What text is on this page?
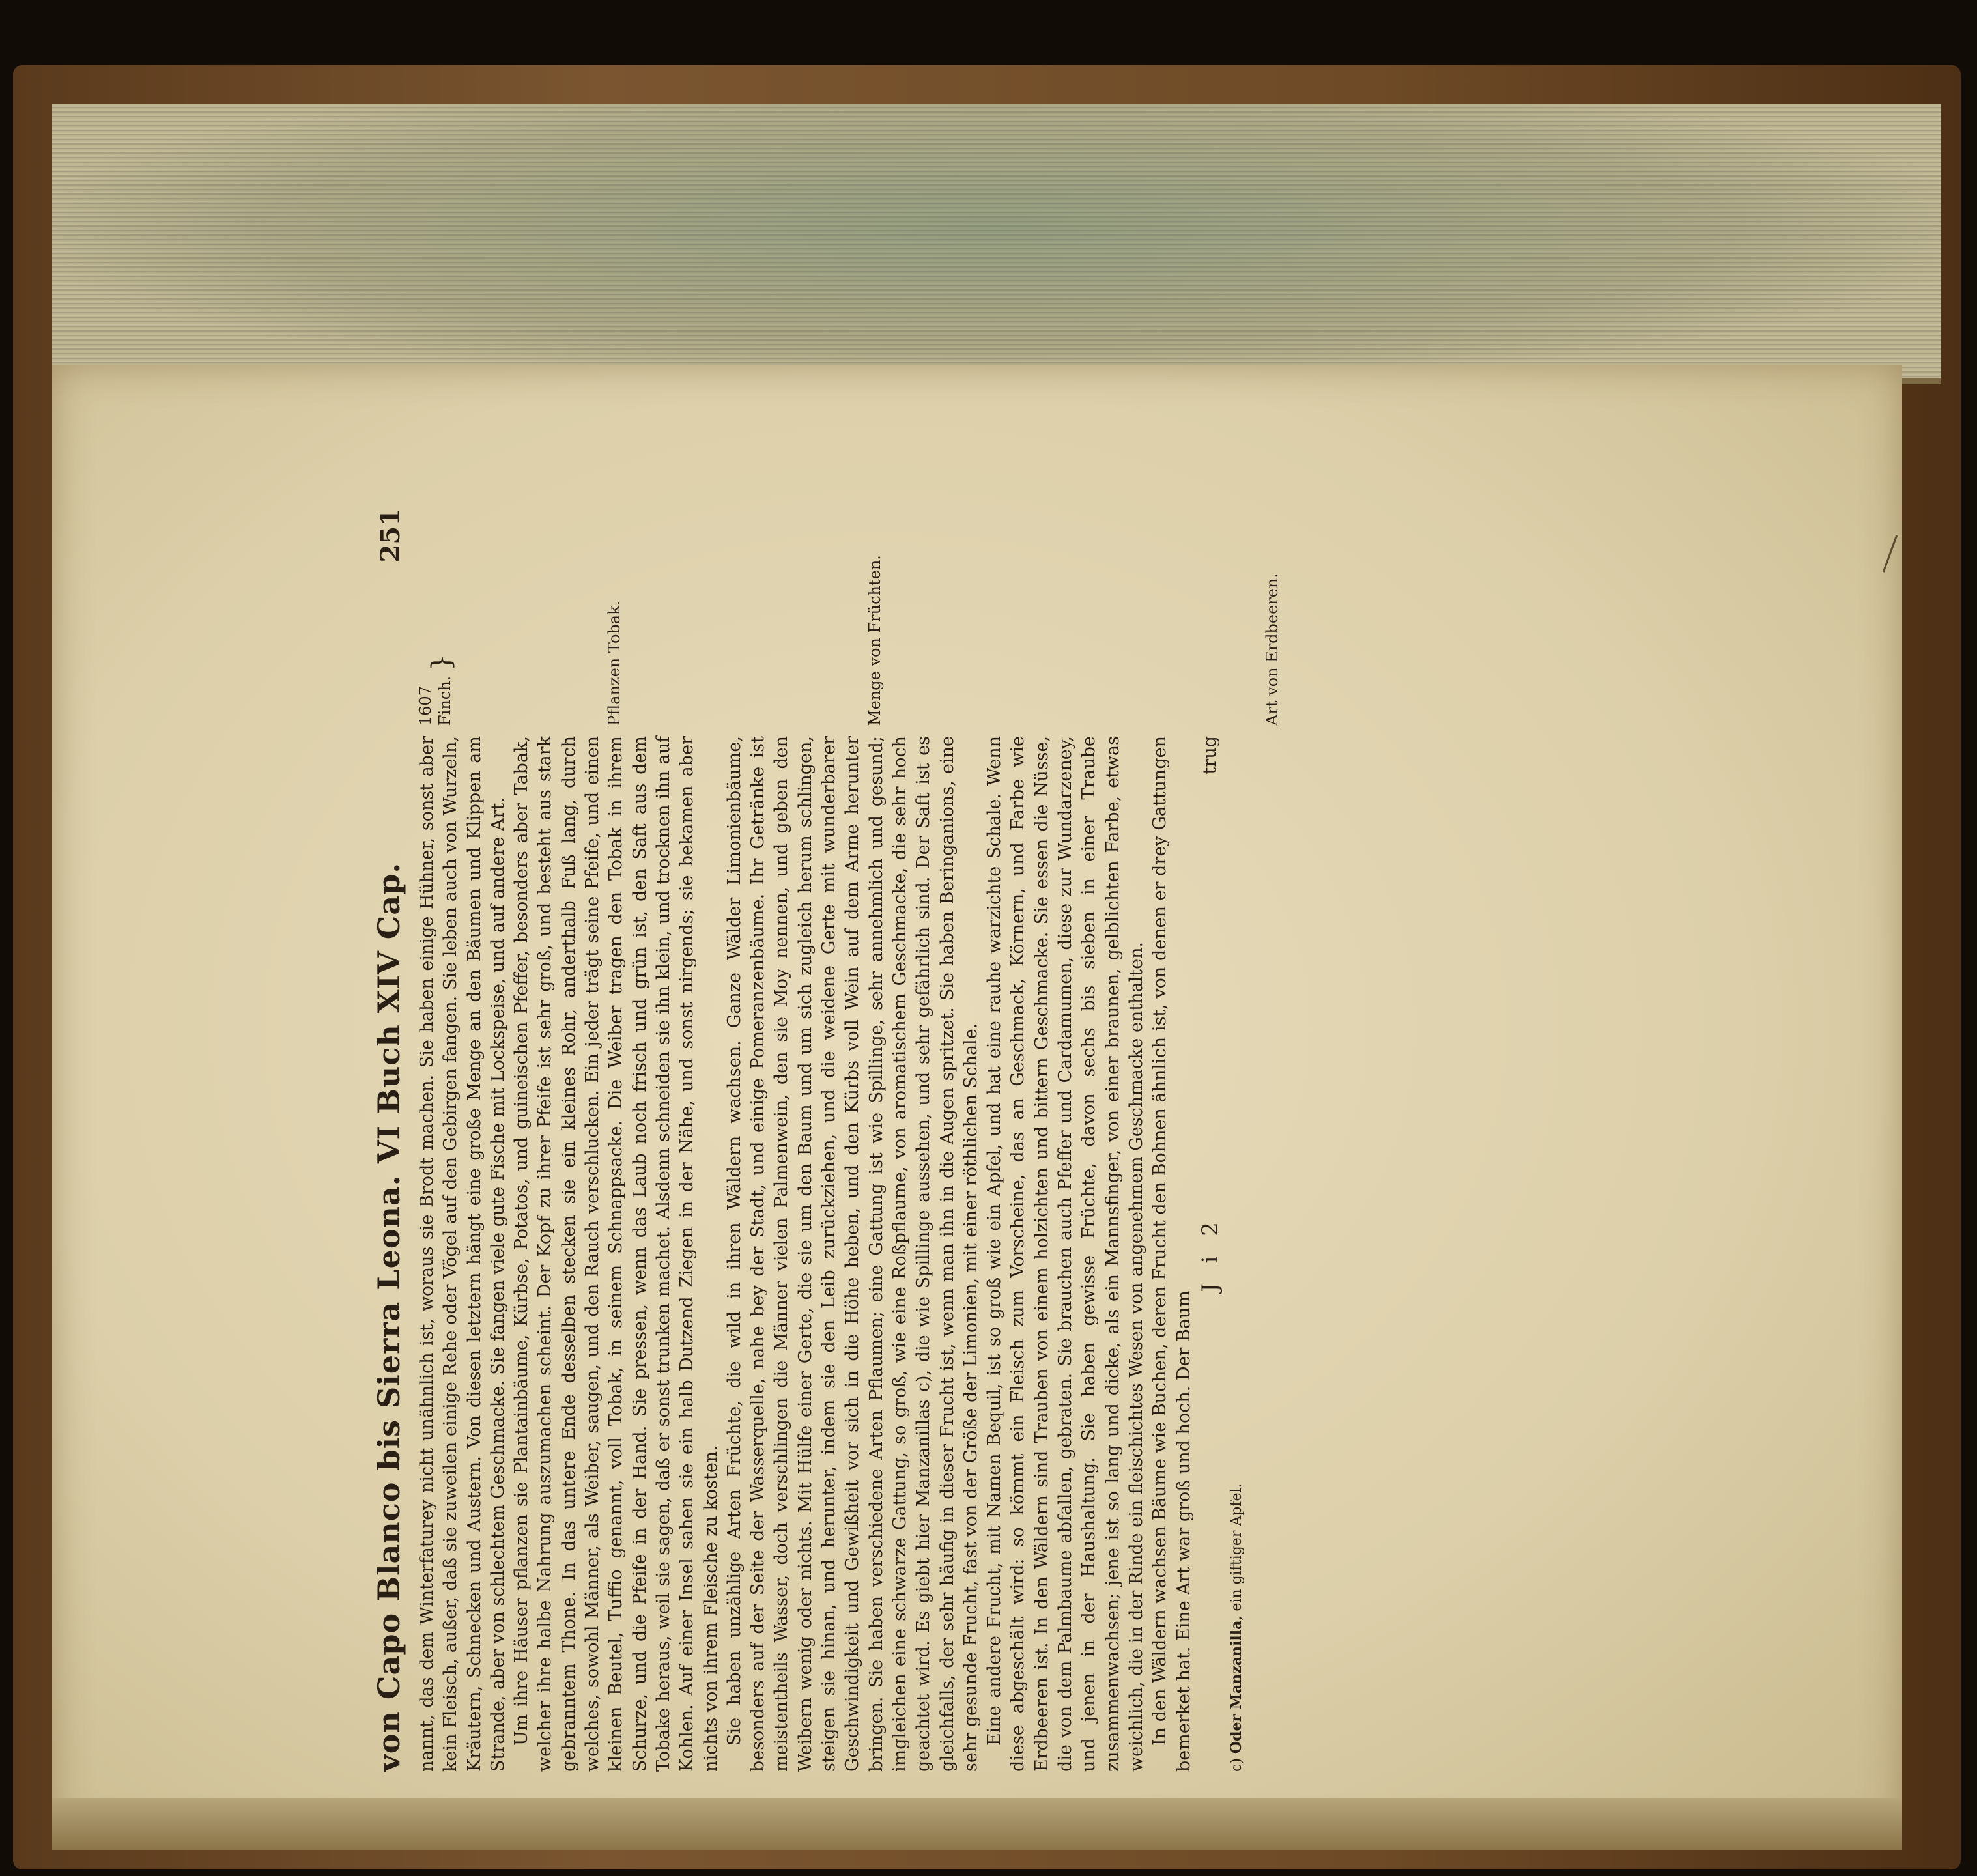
von Capo Blanco bis Sierra Leona. VI Buch XIV Cap.
251

nannt, das dem Winterfaturey nicht unähnlich ist, woraus sie Brodt machen. Sie haben einige Hühner, sonst aber kein Fleisch, außer, daß sie zuweilen einige Rehe oder Vögel auf den Gebirgen fangen. Sie leben auch von Wurzeln, Kräutern, Schnecken und Austern. Von diesen letztern hängt eine große Menge an den Bäumen und Klippen am Strande, aber von schlechtem Geschmacke. Sie fangen viele gute Fische mit Lockspeise, und auf andere Art. Um ihre Häuser pflanzen sie Plantainbäume, Kürbse, Potatos, und guineischen Pfeffer, besonders aber Tabak, welcher ihre halbe Nahrung auszumachen scheint. Der Kopf zu ihrer Pfeife ist sehr groß, und besteht aus stark gebranntem Thone. In das untere Ende desselben stecken sie ein kleines Rohr, anderthalb Fuß lang, durch welches, sowohl Männer, als Weiber, saugen, und den Rauch verschlucken. Ein jeder trägt seine Pfeife, und einen kleinen Beutel, Tuffio genannt, voll Tobak, in seinem Schnappsacke. Die Weiber tragen den Tobak in ihrem Schurze, und die Pfeife in der Hand. Sie pressen, wenn das Laub noch frisch und grün ist, den Saft aus dem Tobake heraus, weil sie sagen, daß er sonst trunken machet. Alsdenn schneiden sie ihn klein, und trocknen ihn auf Kohlen. Auf einer Insel sahen sie ein halb Dutzend Ziegen in der Nähe, und sonst nirgends; sie bekamen aber nichts von ihrem Fleische zu kosten. Sie haben unzählige Arten Früchte, die wild in ihren Wäldern wachsen. Ganze Wälder Limonienbäume, besonders auf der Seite der Wasserquelle, nahe bey der Stadt, und einige Pomeranzenbäume. Ihr Getränke ist meistentheils Wasser, doch verschlingen die Männer vielen Palmenwein, den sie Moy nennen, und geben den Weibern wenig oder nichts. Mit Hülfe einer Gerte, die sie um den Baum und um sich zugleich herum schlingen, steigen sie hinan, und herunter, indem sie den Leib zurückziehen, und die weidene Gerte mit wunderbarer Geschwindigkeit und Gewißheit vor sich in die Höhe heben, und den Kürbs voll Wein auf dem Arme herunter bringen. Sie haben verschiedene Arten Pflaumen; eine Gattung ist wie Spillinge, sehr annehmlich und gesund; imgleichen eine schwarze Gattung, so groß, wie eine Roßpflaume, von aromatischem Geschmacke, die sehr hoch geachtet wird. Es giebt hier Manzanillas c), die wie Spillinge aussehen, und sehr gefährlich sind. Der Saft ist es gleichfalls, der sehr häufig in dieser Frucht ist, wenn man ihn in die Augen spritzet. Sie haben Beringanions, eine sehr gesunde Frucht, fast von der Größe der Limonien, mit einer röthlichen Schale. Eine andere Frucht, mit Namen Bequil, ist so groß wie ein Apfel, und hat eine rauhe warzichte Schale. Wenn diese abgeschält wird: so kömmt ein Fleisch zum Vorscheine, das an Geschmack, Körnern, und Farbe wie Erdbeeren ist. In den Wäldern sind Trauben von einem holzichten und bittern Geschmacke. Sie essen die Nüsse, die von dem Palmbaume abfallen, gebraten. Sie brauchen auch Pfeffer und Cardamumen, diese zur Wundarzeney, und jenen in der Haushaltung. Sie haben gewisse Früchte, davon sechs bis sieben in einer Traube zusammenwachsen; jene ist so lang und dicke, als ein Mannsfinger, von einer braunen, gelblichten Farbe, etwas weichlich, die in der Rinde ein fleischichtes Wesen von angenehmem Geschmacke enthalten. In den Wäldern wachsen Bäume wie Buchen, deren Frucht den Bohnen ähnlich ist, von denen er drey Gattungen bemerket hat. Eine Art war groß und hoch. Der Baum

J i 2
trug
c) Oder Manzanilla, ein giftiger Apfel.
1607
Finch.}	Pflanzen Tobak.	Menge von Früchten.	Art von Erdbeeren.
